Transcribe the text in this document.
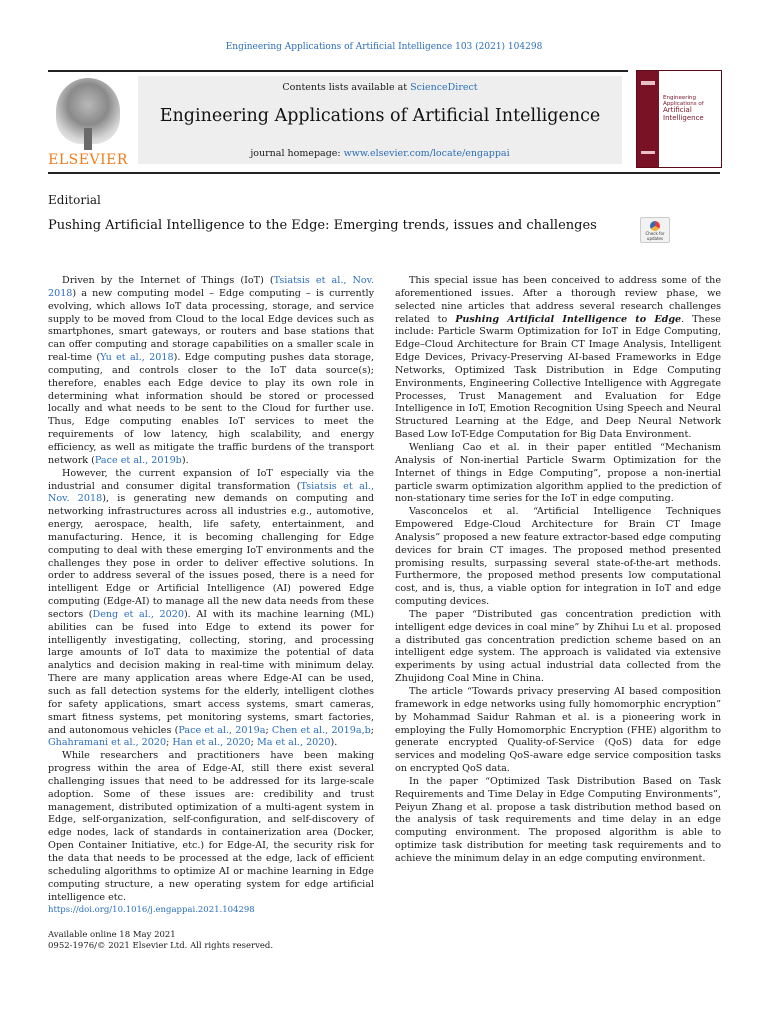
Engineering Applications of Artificial Intelligence 103 (2021) 104298
ELSEVIER
Contents lists available at ScienceDirect
Engineering Applications of Artificial Intelligence
journal homepage: www.elsevier.com/locate/engappai
Engineering Applications of
Artificial
Intelligence
Editorial
Pushing Artificial Intelligence to the Edge: Emerging trends, issues and challenges
Check for updates

Driven by the Internet of Things (IoT) (Tsiatsis et al., Nov. 2018) a new computing model – Edge computing – is currently evolving, which allows IoT data processing, storage, and service supply to be moved from Cloud to the local Edge devices such as smartphones, smart gateways, or routers and base stations that can offer computing and storage capabilities on a smaller scale in real-time (Yu et al., 2018). Edge computing pushes data storage, computing, and controls closer to the IoT data source(s); therefore, enables each Edge device to play its own role in determining what information should be stored or processed locally and what needs to be sent to the Cloud for further use. Thus, Edge computing enables IoT services to meet the requirements of low latency, high scalability, and energy efficiency, as well as mitigate the traffic burdens of the transport network (Pace et al., 2019b).

However, the current expansion of IoT especially via the industrial and consumer digital transformation (Tsiatsis et al., Nov. 2018), is generating new demands on computing and networking infrastructures across all industries e.g., automotive, energy, aerospace, health, life safety, entertainment, and manufacturing. Hence, it is becoming challenging for Edge computing to deal with these emerging IoT environments and the challenges they pose in order to deliver effective solutions. In order to address several of the issues posed, there is a need for intelligent Edge or Artificial Intelligence (AI) powered Edge computing (Edge-AI) to manage all the new data needs from these sectors (Deng et al., 2020). AI with its machine learning (ML) abilities can be fused into Edge to extend its power for intelligently investigating, collecting, storing, and processing large amounts of IoT data to maximize the potential of data analytics and decision making in real-time with minimum delay. There are many application areas where Edge-AI can be used, such as fall detection systems for the elderly, intelligent clothes for safety applications, smart access systems, smart cameras, smart fitness systems, pet monitoring systems, smart factories, and autonomous vehicles (Pace et al., 2019a; Chen et al., 2019a,b; Ghahramani et al., 2020; Han et al., 2020; Ma et al., 2020).

While researchers and practitioners have been making progress within the area of Edge-AI, still there exist several challenging issues that need to be addressed for its large-scale adoption. Some of these issues are: credibility and trust management, distributed optimization of a multi-agent system in Edge, self-organization, self-configuration, and self-discovery of edge nodes, lack of standards in containerization area (Docker, Open Container Initiative, etc.) for Edge-AI, the security risk for the data that needs to be processed at the edge, lack of efficient scheduling algorithms to optimize AI or machine learning in Edge computing structure, a new operating system for edge artificial intelligence etc.

This special issue has been conceived to address some of the aforementioned issues. After a thorough review phase, we selected nine articles that address several research challenges related to Pushing Artificial Intelligence to Edge. These include: Particle Swarm Optimization for IoT in Edge Computing, Edge–Cloud Architecture for Brain CT Image Analysis, Intelligent Edge Devices, Privacy-Preserving AI-based Frameworks in Edge Networks, Optimized Task Distribution in Edge Computing Environments, Engineering Collective Intelligence with Aggregate Processes, Trust Management and Evaluation for Edge Intelligence in IoT, Emotion Recognition Using Speech and Neural Structured Learning at the Edge, and Deep Neural Network Based Low IoT-Edge Computation for Big Data Environment.

Wenliang Cao et al. in their paper entitled “Mechanism Analysis of Non-inertial Particle Swarm Optimization for the Internet of things in Edge Computing”, propose a non-inertial particle swarm optimization algorithm applied to the prediction of non-stationary time series for the IoT in edge computing.

Vasconcelos et al. “Artificial Intelligence Techniques Empowered Edge-Cloud Architecture for Brain CT Image Analysis” proposed a new feature extractor-based edge computing devices for brain CT images. The proposed method presented promising results, surpassing several state-of-the-art methods. Furthermore, the proposed method presents low computational cost, and is, thus, a viable option for integration in IoT and edge computing devices.

The paper “Distributed gas concentration prediction with intelligent edge devices in coal mine” by Zhihui Lu et al. proposed a distributed gas concentration prediction scheme based on an intelligent edge system. The approach is validated via extensive experiments by using actual industrial data collected from the Zhujidong Coal Mine in China.

The article “Towards privacy preserving AI based composition framework in edge networks using fully homomorphic encryption” by Mohammad Saidur Rahman et al. is a pioneering work in employing the Fully Homomorphic Encryption (FHE) algorithm to generate encrypted Quality-of-Service (QoS) data for edge services and modeling QoS-aware edge service composition tasks on encrypted QoS data.

In the paper “Optimized Task Distribution Based on Task Requirements and Time Delay in Edge Computing Environments”, Peiyun Zhang et al. propose a task distribution method based on the analysis of task requirements and time delay in an edge computing environment. The proposed algorithm is able to optimize task distribution for meeting task requirements and to achieve the minimum delay in an edge computing environment.

https://doi.org/10.1016/j.engappai.2021.104298
Available online 18 May 2021
0952-1976/© 2021 Elsevier Ltd. All rights reserved.
